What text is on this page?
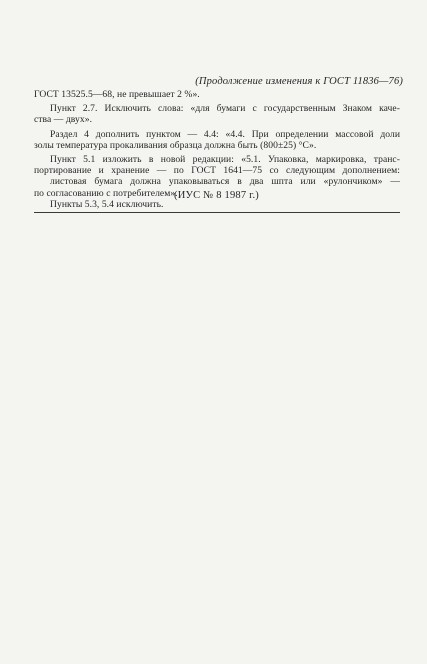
(Продолжение изменения к ГОСТ 11836—76)
ГОСТ 13525.5—68, не превышает 2 %».
Пункт 2.7. Исключить слова: «для бумаги с государственным Знаком каче-
ства — двух».
Раздел 4 дополнить пунктом — 4.4: «4.4. При определении массовой доли
золы температура прокаливания образца должна быть (800±25) °С».
Пункт 5.1 изложить в новой редакции: «5.1. Упаковка, маркировка, транс-
портирование и хранение — по ГОСТ 1641—75 со следующим дополнением:
листовая бумага должна упаковываться в два шпта или «рулончиком» —
по согласованию с потребителем».
Пункты 5.3, 5.4 исключить.
(ИУС № 8 1987 г.)
